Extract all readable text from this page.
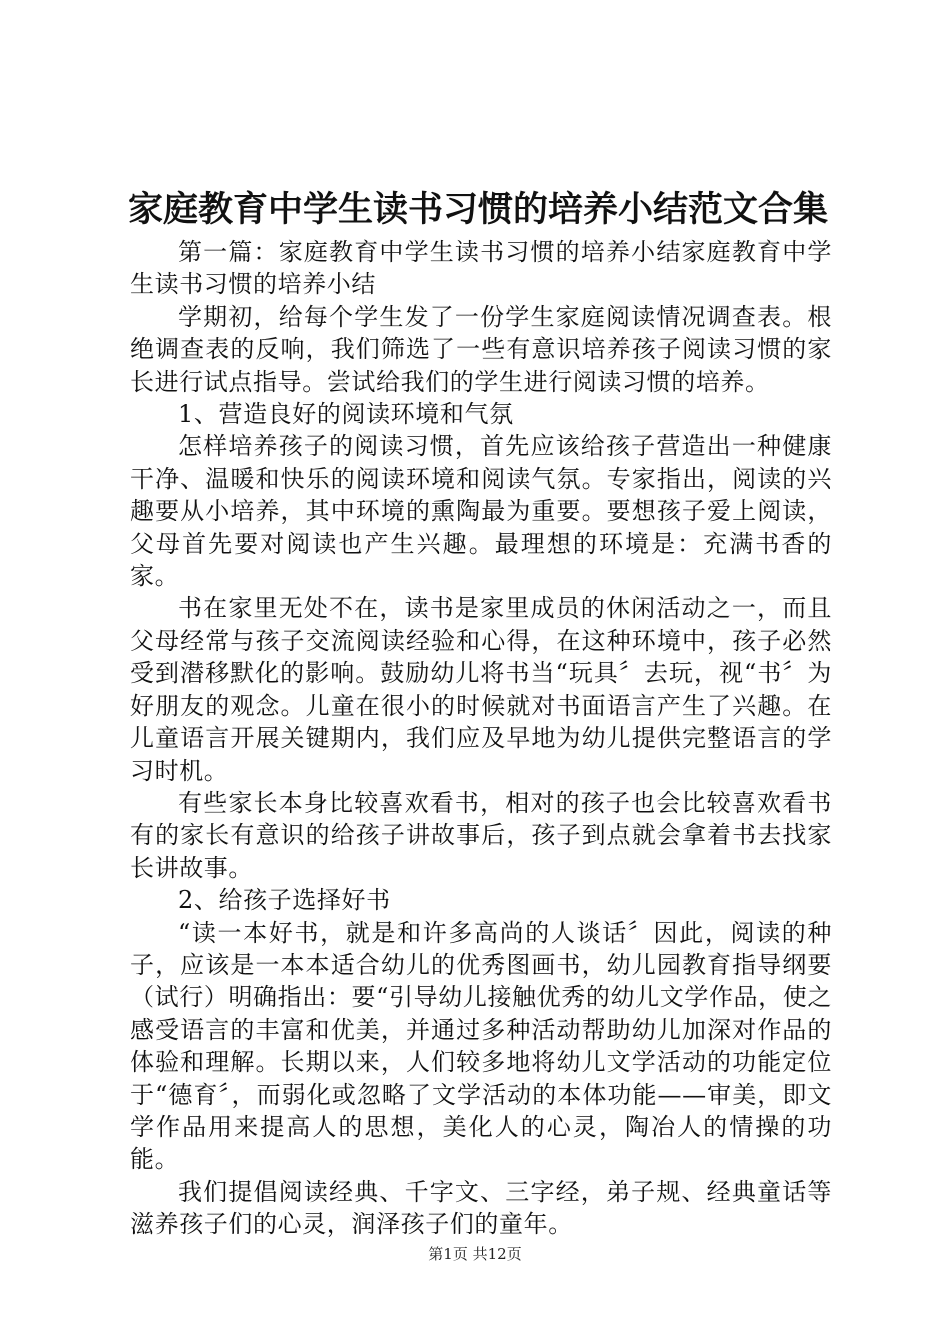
家庭教育中学生读书习惯的培养小结范文合集

第一篇：家庭教育中学生读书习惯的培养小结家庭教育中学生读书习惯的培养小结

学期初，给每个学生发了一份学生家庭阅读情况调查表。根绝调查表的反响，我们筛选了一些有意识培养孩子阅读习惯的家长进行试点指导。尝试给我们的学生进行阅读习惯的培养。

1、营造良好的阅读环境和气氛

怎样培养孩子的阅读习惯，首先应该给孩子营造出一种健康干净、温暖和快乐的阅读环境和阅读气氛。专家指出，阅读的兴趣要从小培养，其中环境的熏陶最为重要。要想孩子爱上阅读，父母首先要对阅读也产生兴趣。最理想的环境是：充满书香的家。

书在家里无处不在，读书是家里成员的休闲活动之一，而且父母经常与孩子交流阅读经验和心得，在这种环境中，孩子必然受到潜移默化的影响。鼓励幼儿将书当“玩具〞去玩，视“书〞为好朋友的观念。儿童在很小的时候就对书面语言产生了兴趣。在儿童语言开展关键期内，我们应及早地为幼儿提供完整语言的学习时机。

有些家长本身比较喜欢看书，相对的孩子也会比较喜欢看书有的家长有意识的给孩子讲故事后，孩子到点就会拿着书去找家长讲故事。

2、给孩子选择好书

“读一本好书，就是和许多高尚的人谈话〞因此，阅读的种子，应该是一本本适合幼儿的优秀图画书，幼儿园教育指导纲要（试行）明确指出：要“引导幼儿接触优秀的幼儿文学作品，使之感受语言的丰富和优美，并通过多种活动帮助幼儿加深对作品的体验和理解。长期以来，人们较多地将幼儿文学活动的功能定位于“德育〞，而弱化或忽略了文学活动的本体功能——审美，即文学作品用来提高人的思想，美化人的心灵，陶冶人的情操的功能。

我们提倡阅读经典、千字文、三字经，弟子规、经典童话等滋养孩子们的心灵，润泽孩子们的童年。

第1页 共12页
